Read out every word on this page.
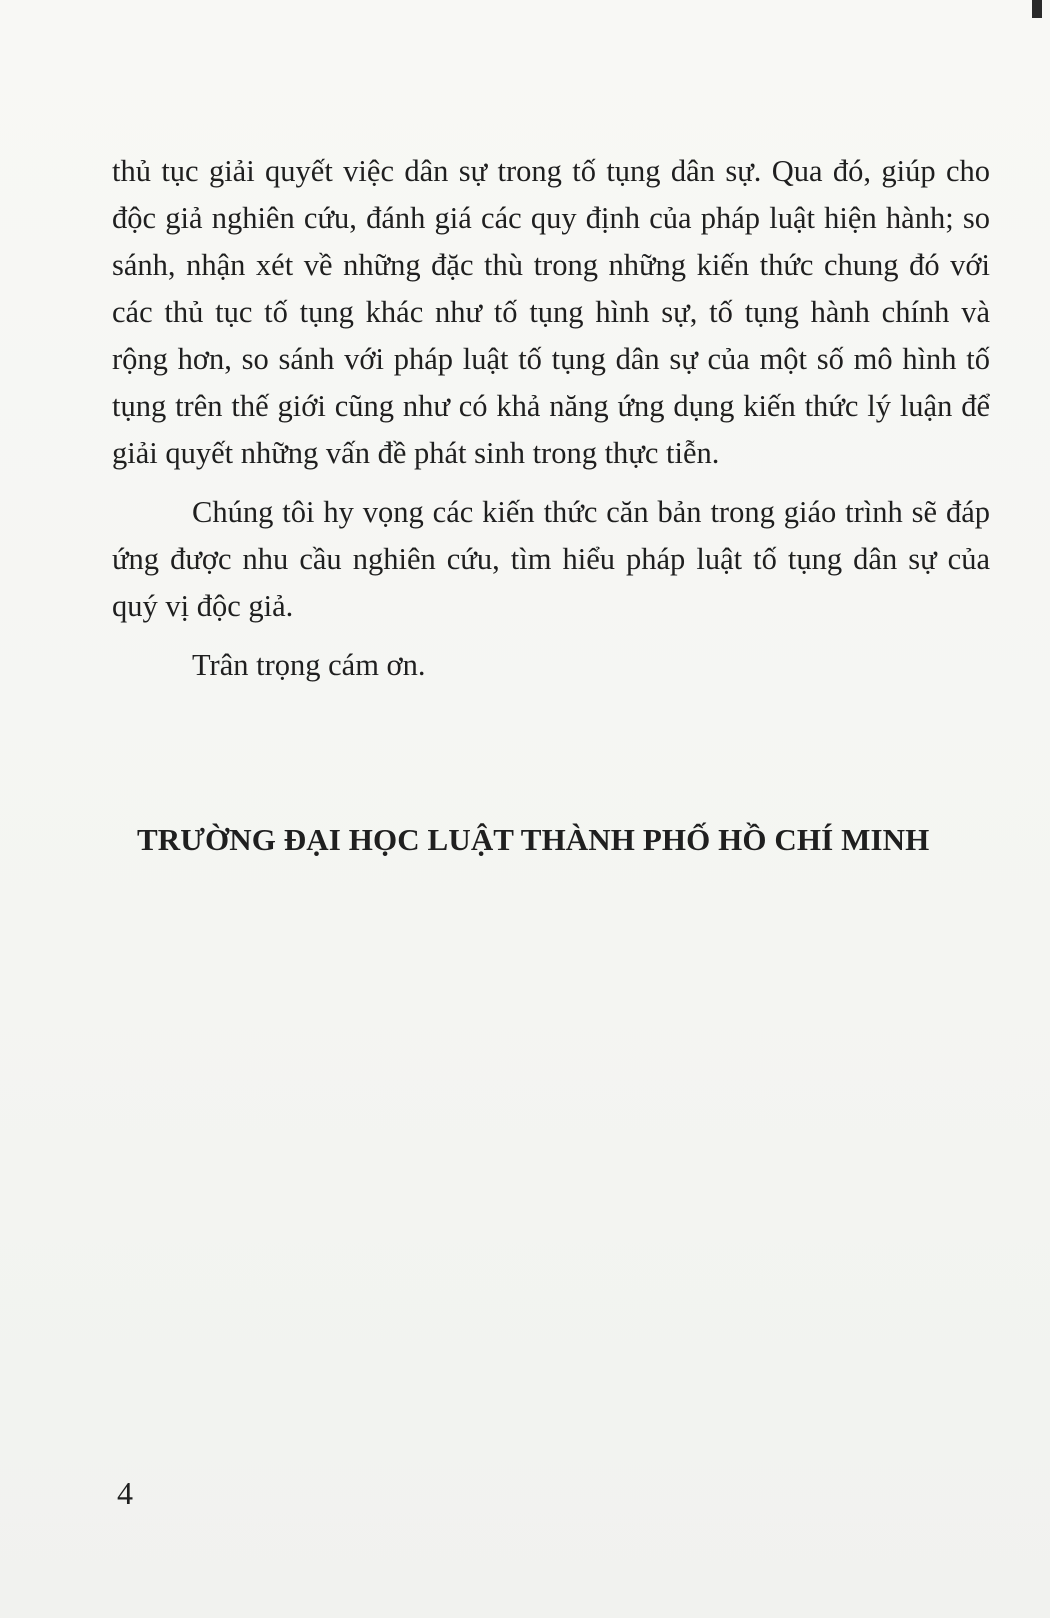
thủ tục giải quyết việc dân sự trong tố tụng dân sự. Qua đó, giúp cho độc giả nghiên cứu, đánh giá các quy định của pháp luật hiện hành; so sánh, nhận xét về những đặc thù trong những kiến thức chung đó với các thủ tục tố tụng khác như tố tụng hình sự, tố tụng hành chính và rộng hơn, so sánh với pháp luật tố tụng dân sự của một số mô hình tố tụng trên thế giới cũng như có khả năng ứng dụng kiến thức lý luận để giải quyết những vấn đề phát sinh trong thực tiễn.

Chúng tôi hy vọng các kiến thức căn bản trong giáo trình sẽ đáp ứng được nhu cầu nghiên cứu, tìm hiểu pháp luật tố tụng dân sự của quý vị độc giả.

Trân trọng cám ơn.

TRƯỜNG ĐẠI HỌC LUẬT THÀNH PHỐ HỒ CHÍ MINH
4
